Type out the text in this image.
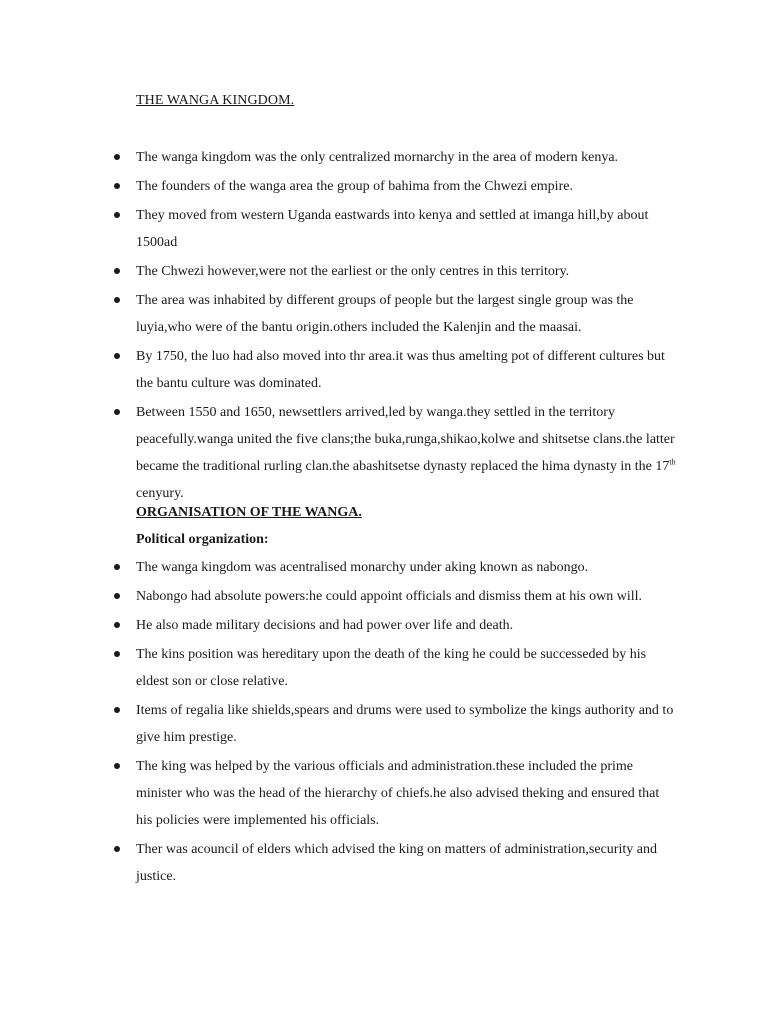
THE WANGA KINGDOM.
The wanga kingdom was the only centralized mornarchy in the area of modern kenya.
The founders of the wanga area the group of bahima from the Chwezi empire.
They moved from western Uganda eastwards into kenya and settled at imanga hill,by about 1500ad
The Chwezi however,were not the earliest or the only centres in this territory.
The area was inhabited by different groups of people but the largest single group was the luyia,who were of the bantu origin.others included the Kalenjin and the maasai.
By 1750, the luo had also moved into thr area.it was thus amelting pot of different cultures but the bantu culture was dominated.
Between 1550 and 1650, newsettlers arrived,led by wanga.they settled in the territory peacefully.wanga united the five clans;the buka,runga,shikao,kolwe and shitsetse clans.the latter became the traditional rurling clan.the abashitsetse dynasty replaced the hima dynasty in the 17th cenyury.
ORGANISATION OF THE WANGA.
Political organization:
The wanga kingdom was acentralised monarchy under aking known as nabongo.
Nabongo had absolute powers:he could appoint officials and dismiss them at his own will.
He also made military decisions and had power over life and death.
The kins position was hereditary upon the death of the king he could be successeded by his eldest son or close relative.
Items of regalia like shields,spears and drums were used to symbolize the kings authority and to give him prestige.
The king was helped by the various officials and administration.these included the prime minister who was the head of the hierarchy of chiefs.he also advised theking and ensured that his policies were implemented his officials.
Ther was acouncil of elders which advised the king on matters of administration,security and justice.
